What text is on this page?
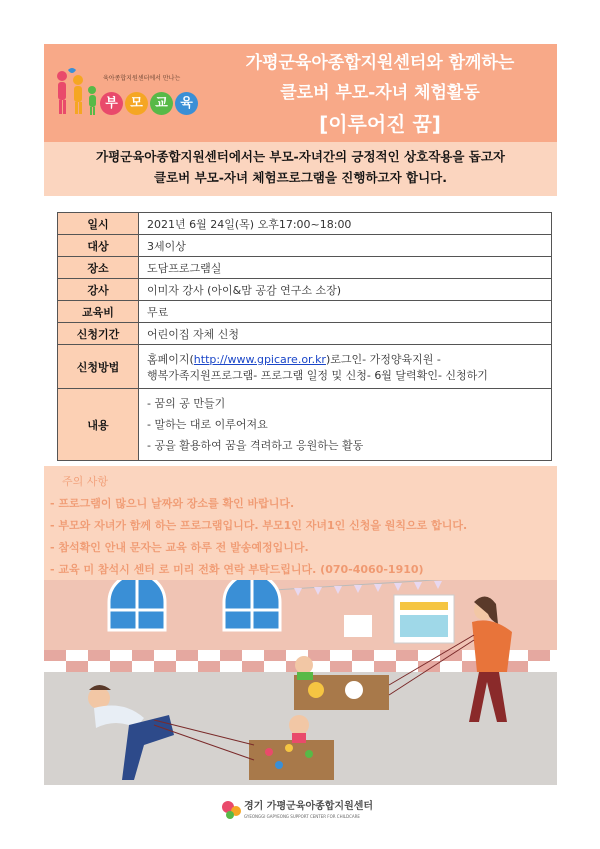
육아종합지원센터에서 만나는
부 모 교 육
가평군육아종합지원센터와 함께하는
클로버 부모-자녀 체험활동
[이루어진 꿈]
가평군육아종합지원센터에서는 부모-자녀간의 긍정적인 상호작용을 돕고자
클로버 부모-자녀 체험프로그램을 진행하고자 합니다.
일시	2021년 6월 24일(목) 오후17:00~18:00
대상	3세이상
장소	도담프로그램실
강사	이미자 강사 (아이&맘 공감 연구소 소장)
교육비	무료
신청기간	어린이집 자체 신청
신청방법	홈페이지(http://www.gpicare.or.kr)로그인- 가정양육지원 -
행복가족지원프로그램- 프로그램 일정 및 신청- 6월 달력확인- 신청하기
내용	- 꿈의 공 만들기
- 말하는 대로 이루어져요
- 공을 활용하여 꿈을 격려하고 응원하는 활동
주의 사항
- 프로그램이 많으니 날짜와 장소를 확인 바랍니다.
- 부모와 자녀가 함께 하는 프로그램입니다. 부모1인 자녀1인 신청을 원칙으로 합니다.
- 참석확인 안내 문자는 교육 하루 전 발송예정입니다.
- 교육 미 참석시 센터 로 미리 전화 연락 부탁드립니다. (070-4060-1910)
경기 가평군육아종합지원센터
GYEONGGI GAPYEONG SUPPORT CENTER FOR CHILDCARE
